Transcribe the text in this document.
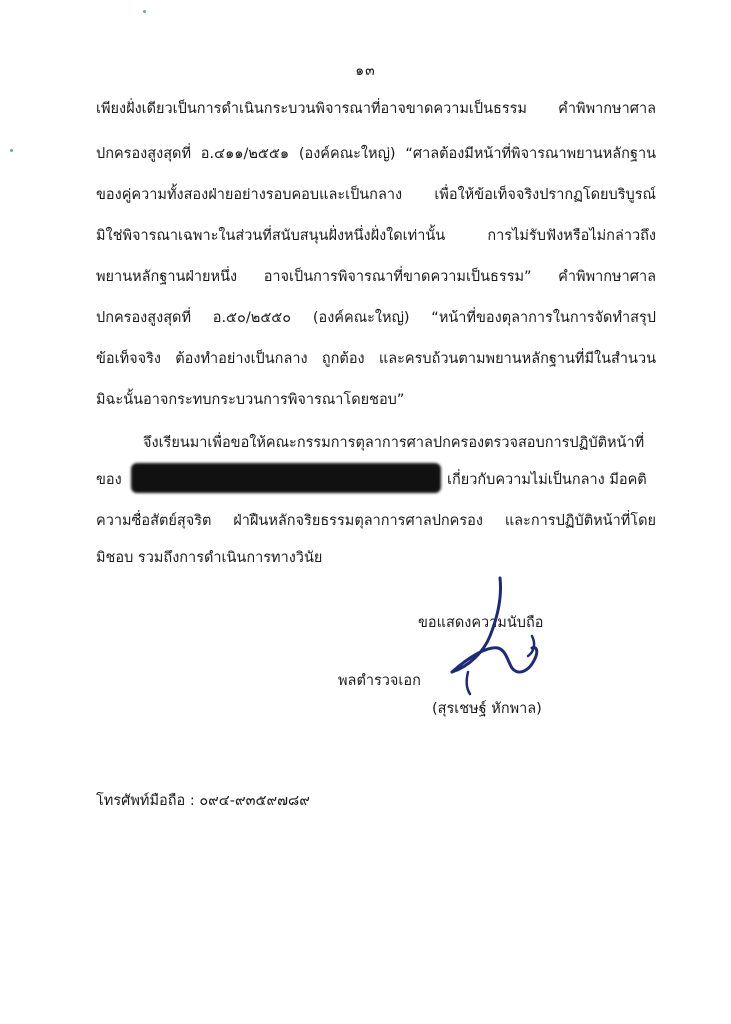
๑๓
เพียงฝั่งเดียวเป็นการดำเนินกระบวนพิจารณาที่อาจขาดความเป็นธรรม คำพิพากษาศาล
ปกครองสูงสุดที่ อ.๔๑๑/๒๕๕๑ (องค์คณะใหญ่) “ศาลต้องมีหน้าที่พิจารณาพยานหลักฐาน
ของคู่ความทั้งสองฝ่ายอย่างรอบคอบและเป็นกลาง เพื่อให้ข้อเท็จจริงปรากฏโดยบริบูรณ์
มิใช่พิจารณาเฉพาะในส่วนที่สนับสนุนฝั่งหนึ่งฝั่งใดเท่านั้น การไม่รับฟังหรือไม่กล่าวถึง
พยานหลักฐานฝ่ายหนึ่ง อาจเป็นการพิจารณาที่ขาดความเป็นธรรม” คำพิพากษาศาล
ปกครองสูงสุดที่ อ.๕๐/๒๕๕๐ (องค์คณะใหญ่) “หน้าที่ของตุลาการในการจัดทำสรุป
ข้อเท็จจริง ต้องทำอย่างเป็นกลาง ถูกต้อง และครบถ้วนตามพยานหลักฐานที่มีในสำนวน
มิฉะนั้นอาจกระทบกระบวนการพิจารณาโดยชอบ”
จึงเรียนมาเพื่อขอให้คณะกรรมการตุลาการศาลปกครองตรวจสอบการปฏิบัติหน้าที่
ของ	เกี่ยวกับความไม่เป็นกลาง มีอคติ
ความซื่อสัตย์สุจริต ฝ่าฝืนหลักจริยธรรมตุลาการศาลปกครอง และการปฏิบัติหน้าที่โดย
มิชอบ รวมถึงการดำเนินการทางวินัย
ขอแสดงความนับถือ
พลตำรวจเอก
(สุรเชษฐ์ หักพาล)
โทรศัพท์มือถือ : ๐๙๔-๙๓๕๙๗๘๙
